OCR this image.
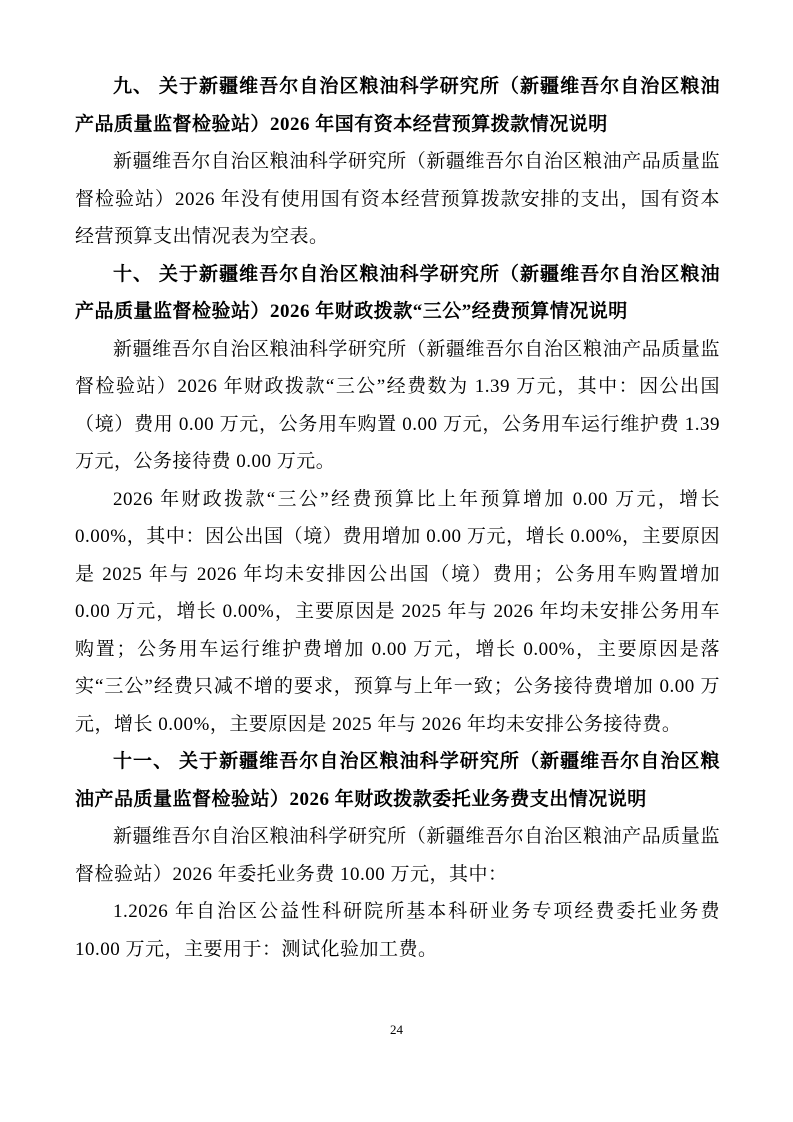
九、 关于新疆维吾尔自治区粮油科学研究所（新疆维吾尔自治区粮油产品质量监督检验站）2026 年国有资本经营预算拨款情况说明

新疆维吾尔自治区粮油科学研究所（新疆维吾尔自治区粮油产品质量监督检验站）2026 年没有使用国有资本经营预算拨款安排的支出，国有资本经营预算支出情况表为空表。

十、 关于新疆维吾尔自治区粮油科学研究所（新疆维吾尔自治区粮油产品质量监督检验站）2026 年财政拨款“三公”经费预算情况说明

新疆维吾尔自治区粮油科学研究所（新疆维吾尔自治区粮油产品质量监督检验站）2026 年财政拨款“三公”经费数为 1.39 万元，其中：因公出国（境）费用 0.00 万元，公务用车购置 0.00 万元，公务用车运行维护费 1.39 万元，公务接待费 0.00 万元。

2026 年财政拨款“三公”经费预算比上年预算增加 0.00 万元，增长 0.00%，其中：因公出国（境）费用增加 0.00 万元，增长 0.00%，主要原因是 2025 年与 2026 年均未安排因公出国（境）费用；公务用车购置增加 0.00 万元，增长 0.00%，主要原因是 2025 年与 2026 年均未安排公务用车购置；公务用车运行维护费增加 0.00 万元，增长 0.00%，主要原因是落实“三公”经费只减不增的要求，预算与上年一致；公务接待费增加 0.00 万元，增长 0.00%，主要原因是 2025 年与 2026 年均未安排公务接待费。

十一、 关于新疆维吾尔自治区粮油科学研究所（新疆维吾尔自治区粮油产品质量监督检验站）2026 年财政拨款委托业务费支出情况说明

新疆维吾尔自治区粮油科学研究所（新疆维吾尔自治区粮油产品质量监督检验站）2026 年委托业务费 10.00 万元，其中：

1.2026 年自治区公益性科研院所基本科研业务专项经费委托业务费 10.00 万元，主要用于：测试化验加工费。

24
